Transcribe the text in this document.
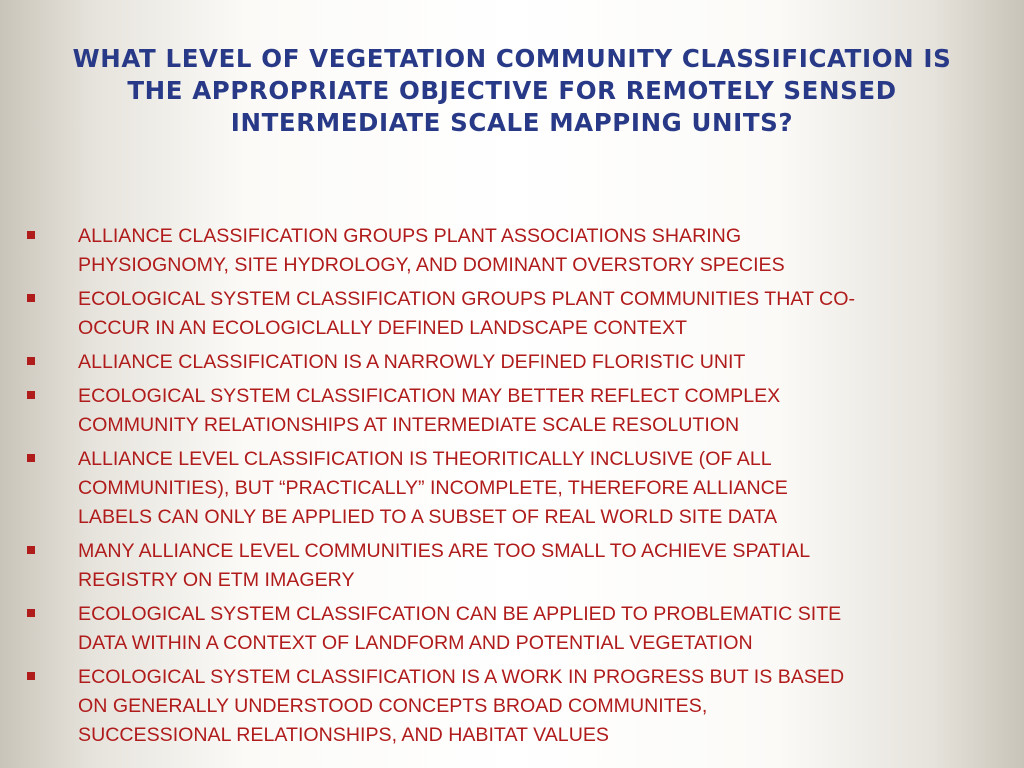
WHAT LEVEL OF VEGETATION COMMUNITY CLASSIFICATION IS THE APPROPRIATE OBJECTIVE FOR REMOTELY SENSED INTERMEDIATE SCALE MAPPING UNITS?
ALLIANCE CLASSIFICATION GROUPS PLANT ASSOCIATIONS SHARING
PHYSIOGNOMY, SITE HYDROLOGY, AND DOMINANT OVERSTORY SPECIES
ECOLOGICAL SYSTEM CLASSIFICATION GROUPS PLANT COMMUNITIES THAT CO-
OCCUR IN AN ECOLOGICLALLY DEFINED LANDSCAPE CONTEXT
ALLIANCE CLASSIFICATION IS A NARROWLY DEFINED FLORISTIC UNIT
ECOLOGICAL SYSTEM CLASSIFICATION MAY BETTER REFLECT COMPLEX
COMMUNITY RELATIONSHIPS AT INTERMEDIATE SCALE RESOLUTION
ALLIANCE LEVEL CLASSIFICATION IS THEORITICALLY INCLUSIVE (OF ALL
COMMUNITIES), BUT “PRACTICALLY” INCOMPLETE, THEREFORE ALLIANCE
LABELS CAN ONLY BE APPLIED TO A SUBSET OF REAL WORLD SITE DATA
MANY ALLIANCE LEVEL COMMUNITIES ARE TOO SMALL TO ACHIEVE SPATIAL
REGISTRY ON ETM IMAGERY
ECOLOGICAL SYSTEM CLASSIFCATION CAN BE APPLIED TO PROBLEMATIC SITE
DATA WITHIN A CONTEXT OF LANDFORM AND POTENTIAL VEGETATION
ECOLOGICAL SYSTEM CLASSIFICATION IS A WORK IN PROGRESS BUT IS BASED
ON GENERALLY UNDERSTOOD CONCEPTS BROAD COMMUNITES,
SUCCESSIONAL RELATIONSHIPS, AND HABITAT VALUES
